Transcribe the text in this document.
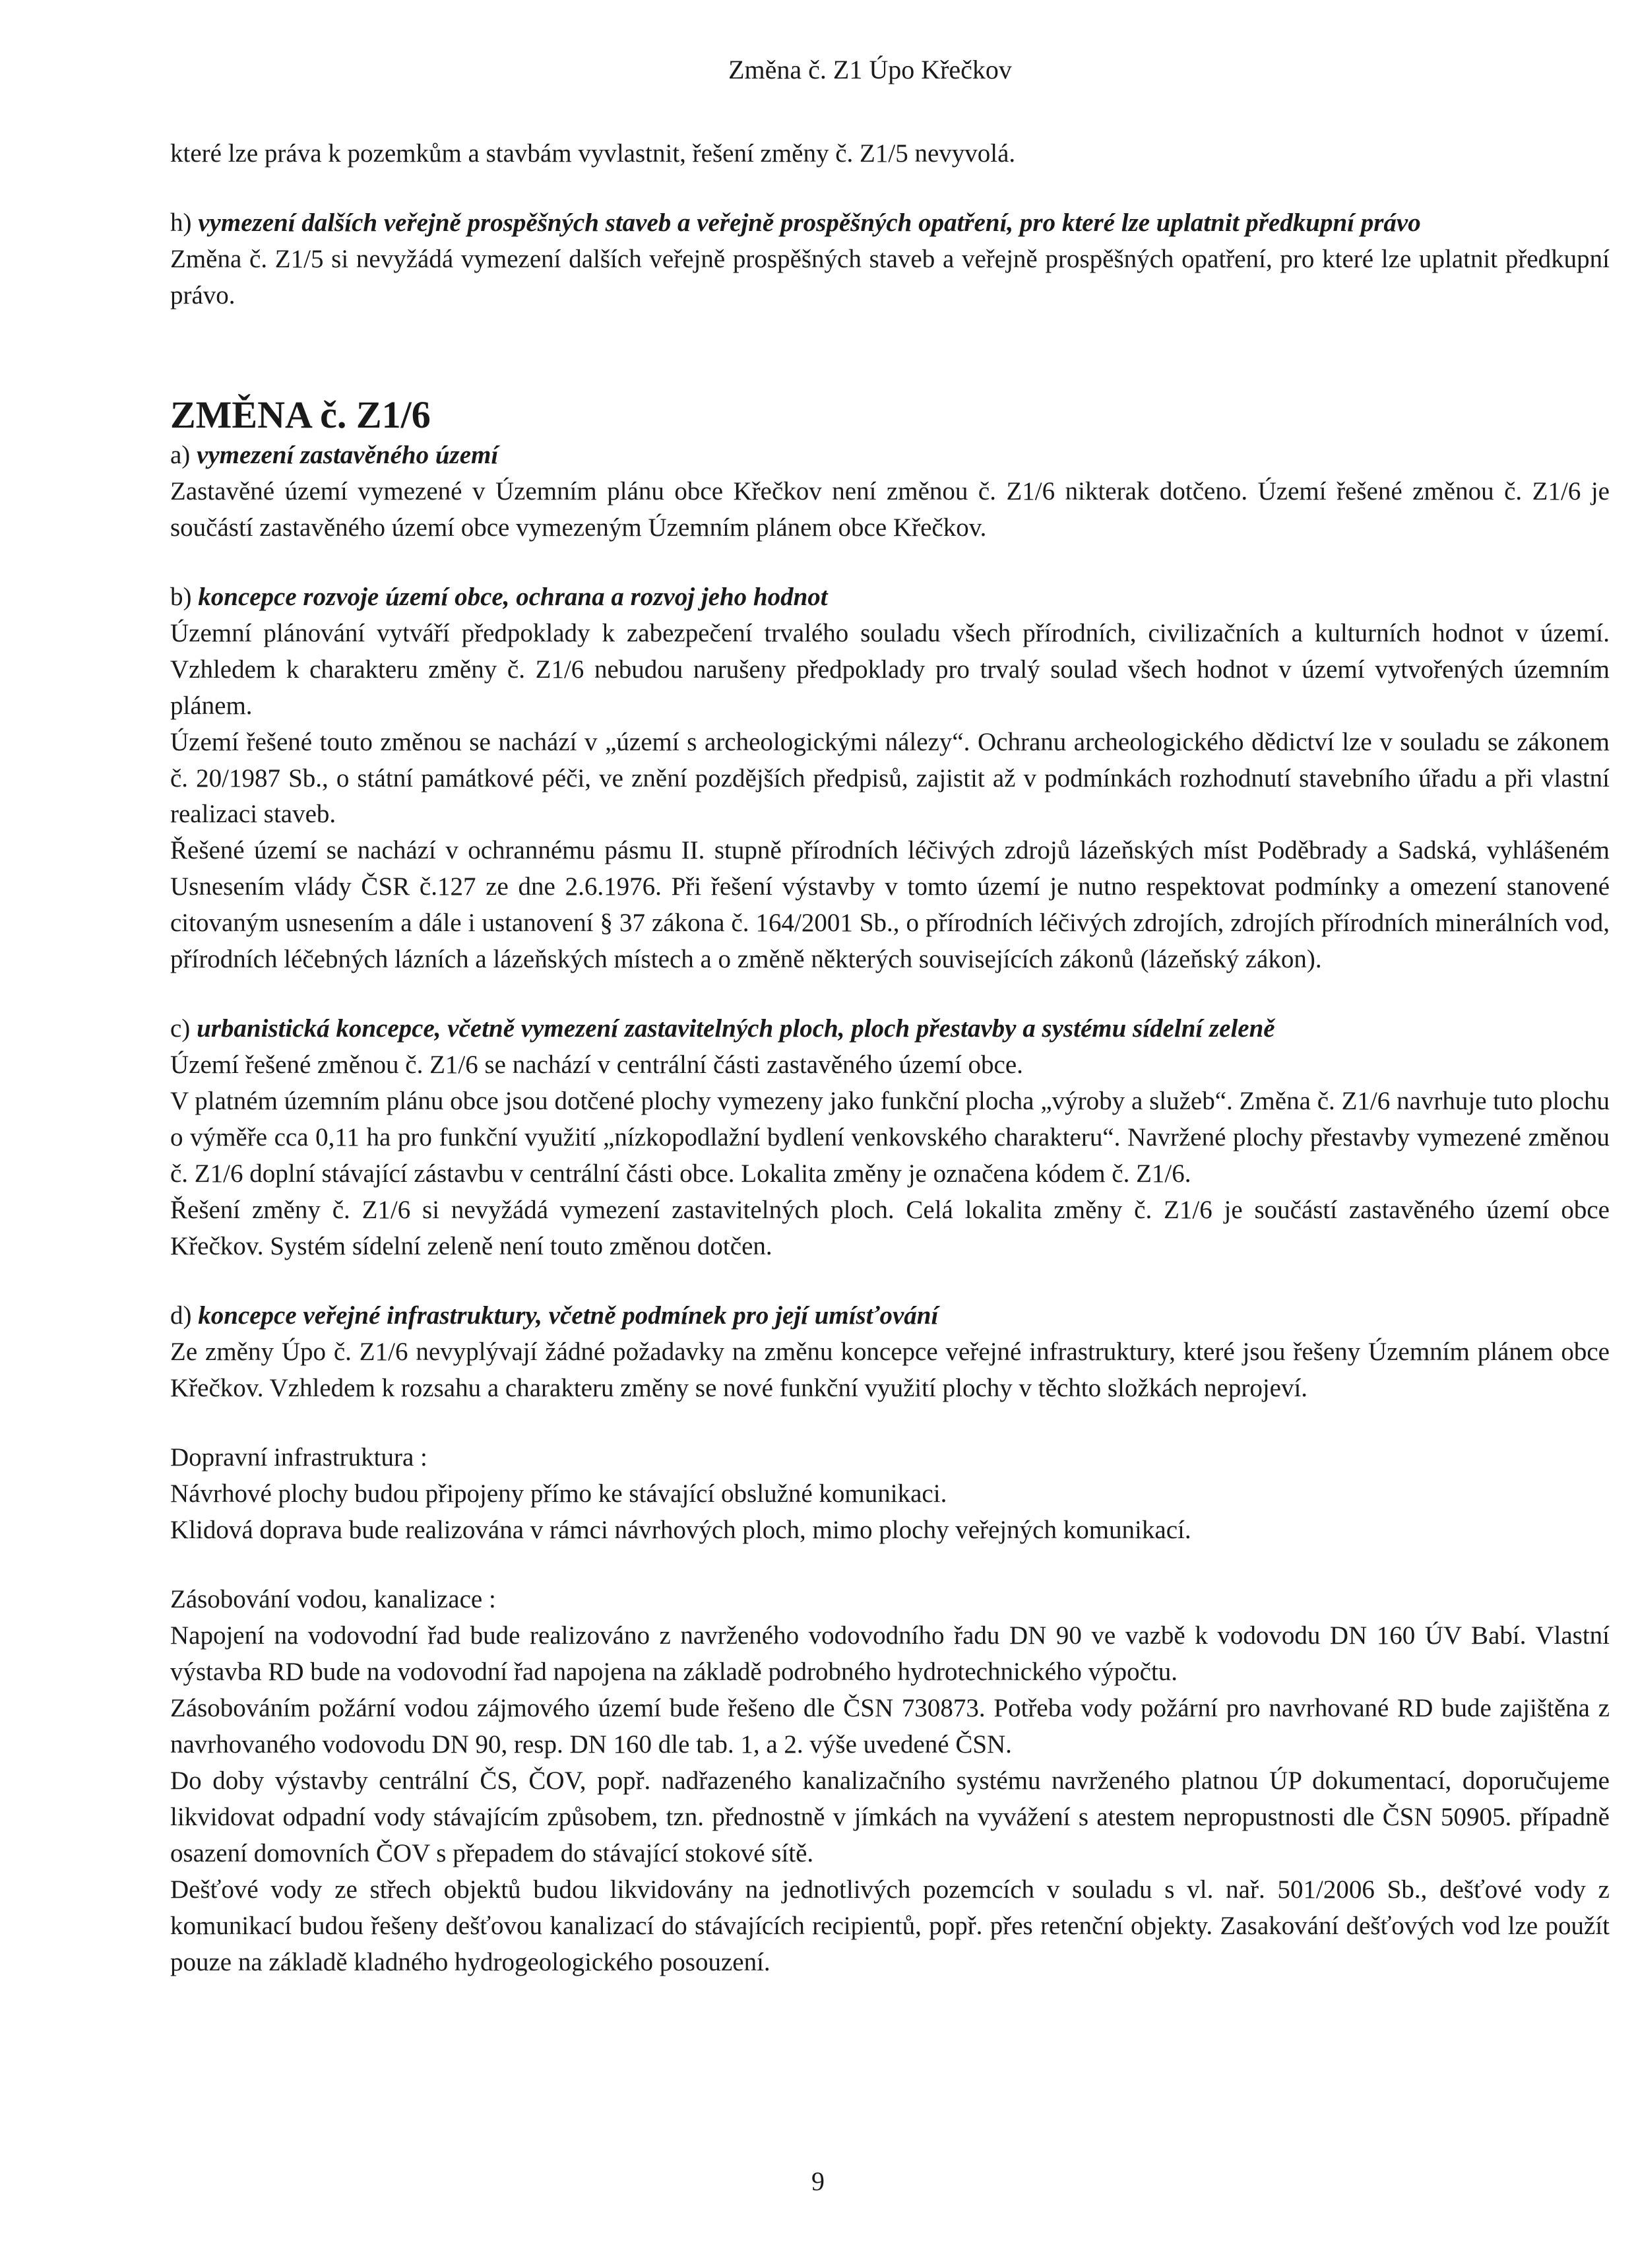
Změna č. Z1 Úpo Křečkov

které lze práva k pozemkům a stavbám vyvlastnit, řešení změny č. Z1/5 nevyvolá.

h) vymezení dalších veřejně prospěšných staveb a veřejně prospěšných opatření, pro které lze uplatnit předkupní právo

Změna č. Z1/5 si nevyžádá vymezení dalších veřejně prospěšných staveb a veřejně prospěšných opatření, pro které lze uplatnit předkupní právo.

ZMĚNA č. Z1/6

a) vymezení zastavěného území

Zastavěné území vymezené v Územním plánu obce Křečkov není změnou č. Z1/6 nikterak dotčeno. Území řešené změnou č. Z1/6 je součástí zastavěného území obce vymezeným Územním plánem obce Křečkov.

b) koncepce rozvoje území obce, ochrana a rozvoj jeho hodnot

Územní plánování vytváří předpoklady k zabezpečení trvalého souladu všech přírodních, civilizačních a kulturních hodnot v území. Vzhledem k charakteru změny č. Z1/6 nebudou narušeny předpoklady pro trvalý soulad všech hodnot v území vytvořených územním plánem.

Území řešené touto změnou se nachází v „území s archeologickými nálezy“. Ochranu archeologického dědictví lze v souladu se zákonem č. 20/1987 Sb., o státní památkové péči, ve znění pozdějších předpisů, zajistit až v podmínkách rozhodnutí stavebního úřadu a při vlastní realizaci staveb.

Řešené území se nachází v ochrannému pásmu II. stupně přírodních léčivých zdrojů lázeňských míst Poděbrady a Sadská, vyhlášeném Usnesením vlády ČSR č.127 ze dne 2.6.1976. Při řešení výstavby v tomto území je nutno respektovat podmínky a omezení stanovené citovaným usnesením a dále i ustanovení § 37 zákona č. 164/2001 Sb., o přírodních léčivých zdrojích, zdrojích přírodních minerálních vod, přírodních léčebných lázních a lázeňských místech a o změně některých souvisejících zákonů (lázeňský zákon).

c) urbanistická koncepce, včetně vymezení zastavitelných ploch, ploch přestavby a systému sídelní zeleně

Území řešené změnou č. Z1/6 se nachází v centrální části zastavěného území obce.

V platném územním plánu obce jsou dotčené plochy vymezeny jako funkční plocha „výroby a služeb“. Změna č. Z1/6 navrhuje tuto plochu o výměře cca 0,11 ha pro funkční využití „nízkopodlažní bydlení venkovského charakteru“. Navržené plochy přestavby vymezené změnou č. Z1/6 doplní stávající zástavbu v centrální části obce. Lokalita změny je označena kódem č. Z1/6.

Řešení změny č. Z1/6 si nevyžádá vymezení zastavitelných ploch. Celá lokalita změny č. Z1/6 je součástí zastavěného území obce Křečkov. Systém sídelní zeleně není touto změnou dotčen.

d) koncepce veřejné infrastruktury, včetně podmínek pro její umísťování

Ze změny Úpo č. Z1/6 nevyplývají žádné požadavky na změnu koncepce veřejné infrastruktury, které jsou řešeny Územním plánem obce Křečkov. Vzhledem k rozsahu a charakteru změny se nové funkční využití plochy v těchto složkách neprojeví.

Dopravní infrastruktura :

Návrhové plochy budou připojeny přímo ke stávající obslužné komunikaci.

Klidová doprava bude realizována v rámci návrhových ploch, mimo plochy veřejných komunikací.

Zásobování vodou, kanalizace :

Napojení na vodovodní řad bude realizováno z navrženého vodovodního řadu DN 90 ve vazbě k vodovodu DN 160 ÚV Babí. Vlastní výstavba RD bude na vodovodní řad napojena na základě podrobného hydrotechnického výpočtu.

Zásobováním požární vodou zájmového území bude řešeno dle ČSN 730873. Potřeba vody požární pro navrhované RD bude zajištěna z navrhovaného vodovodu DN 90, resp. DN 160 dle tab. 1, a 2. výše uvedené ČSN.

Do doby výstavby centrální ČS, ČOV, popř. nadřazeného kanalizačního systému navrženého platnou ÚP dokumentací, doporučujeme likvidovat odpadní vody stávajícím způsobem, tzn. přednostně v jímkách na vyvážení s atestem nepropustnosti dle ČSN 50905. případně osazení domovních ČOV s přepadem do stávající stokové sítě.

Dešťové vody ze střech objektů budou likvidovány na jednotlivých pozemcích v souladu s vl. nař. 501/2006 Sb., dešťové vody z komunikací budou řešeny dešťovou kanalizací do stávajících recipientů, popř. přes retenční objekty. Zasakování dešťových vod lze použít pouze na základě kladného hydrogeologického posouzení.

9
